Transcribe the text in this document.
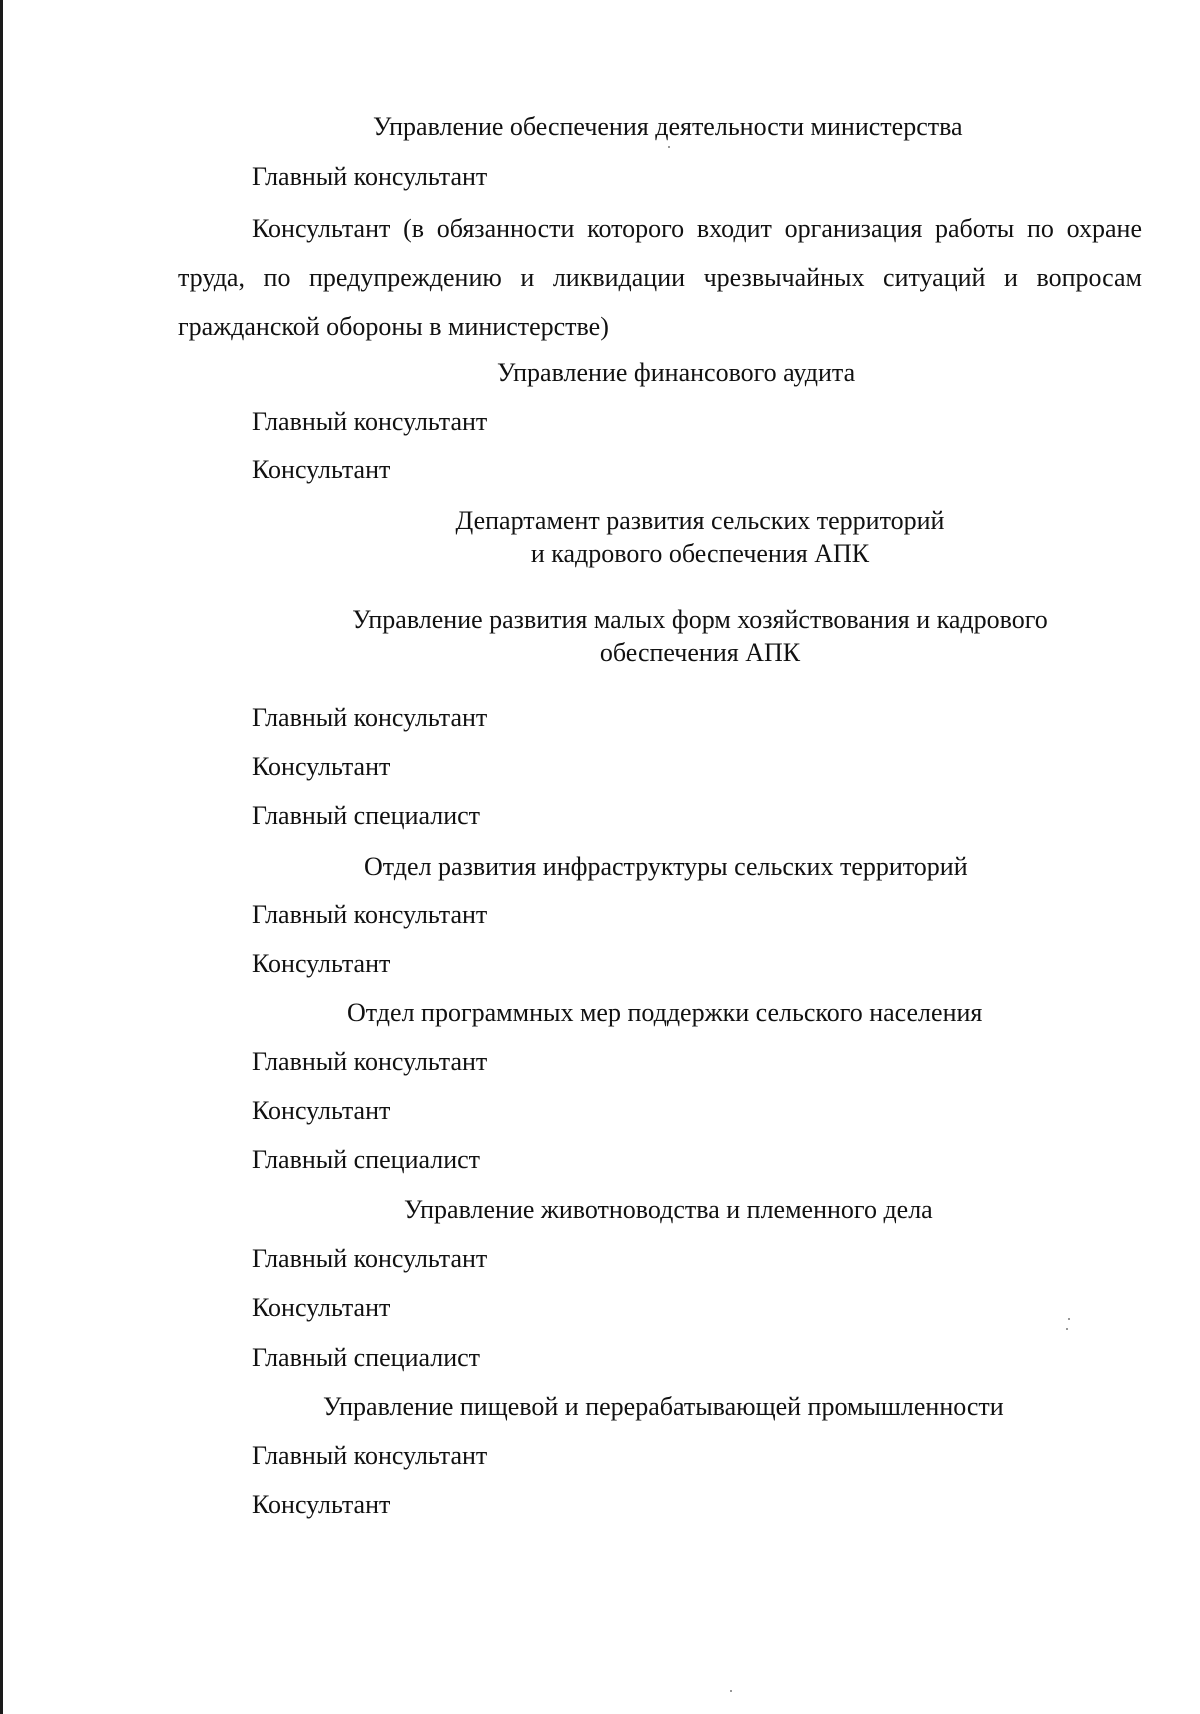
Управление обеспечения деятельности министерства
Главный консультант
Консультант (в обязанности которого входит организация работы по охране труда, по предупреждению и ликвидации чрезвычайных ситуаций и вопросам гражданской обороны в министерстве)
Управление финансового аудита
Главный консультант
Консультант
Департамент развития сельских территорий
и кадрового обеспечения АПК
Управление развития малых форм хозяйствования и кадрового
обеспечения АПК
Главный консультант
Консультант
Главный специалист
Отдел развития инфраструктуры сельских территорий
Главный консультант
Консультант
Отдел программных мер поддержки сельского населения
Главный консультант
Консультант
Главный специалист
Управление животноводства и племенного дела
Главный консультант
Консультант
Главный специалист
Управление пищевой и перерабатывающей промышленности
Главный консультант
Консультант
